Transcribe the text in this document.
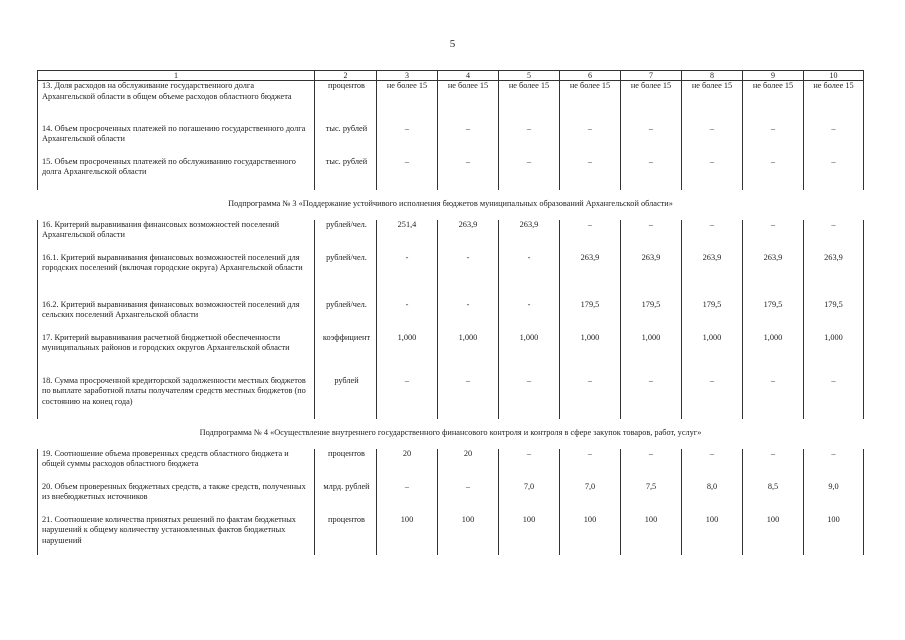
5
1	2	3	4	5	6	7	8	9	10
13. Доля расходов на обслуживание государственного долга Архангельской области в общем объеме расходов областного бюджета	процентов	не более 15	не более 15	не более 15	не более 15	не более 15	не более 15	не более 15	не более 15
14. Объем просроченных платежей по погашению государственного долга Архангельской области	тыс. рублей	–	–	–	–	–	–	–	–
15. Объем просроченных платежей по обслуживанию государственного долга Архангельской области	тыс. рублей	–	–	–	–	–	–	–	–
Подпрограмма № 3 «Поддержание устойчивого исполнения бюджетов муниципальных образований Архангельской области»									
16. Критерий выравнивания финансовых возможностей поселений Архангельской области	рублей/чел.	251,4	263,9	263,9	–	–	–	–	–
16.1. Критерий выравнивания финансовых возможностей поселений для городских поселений (включая городские округа) Архангельской области	рублей/чел.	-	-	-	263,9	263,9	263,9	263,9	263,9
16.2. Критерий выравнивания финансовых возможностей поселений для сельских поселений Архангельской области	рублей/чел.	-	-	-	179,5	179,5	179,5	179,5	179,5
17. Критерий выравнивания расчетной бюджетной обеспеченности муниципальных районов и городских округов Архангельской области	коэффициент	1,000	1,000	1,000	1,000	1,000	1,000	1,000	1,000
18. Сумма просроченной кредиторской задолженности местных бюджетов по выплате заработной платы получателям средств местных бюджетов (по состоянию на конец года)	рублей	–	–	–	–	–	–	–	–
Подпрограмма № 4 «Осуществление внутреннего государственного финансового контроля и контроля в сфере закупок товаров, работ, услуг»									
19. Соотношение объема проверенных средств областного бюджета и общей суммы расходов областного бюджета	процентов	20	20	–	–	–	–	–	–
20. Объем проверенных бюджетных средств, а также средств, полученных из внебюджетных источников	млрд. рублей	–	–	7,0	7,0	7,5	8,0	8,5	9,0
21. Соотношение количества принятых решений по фактам бюджетных нарушений к общему количеству установленных фактов бюджетных нарушений	процентов	100	100	100	100	100	100	100	100
